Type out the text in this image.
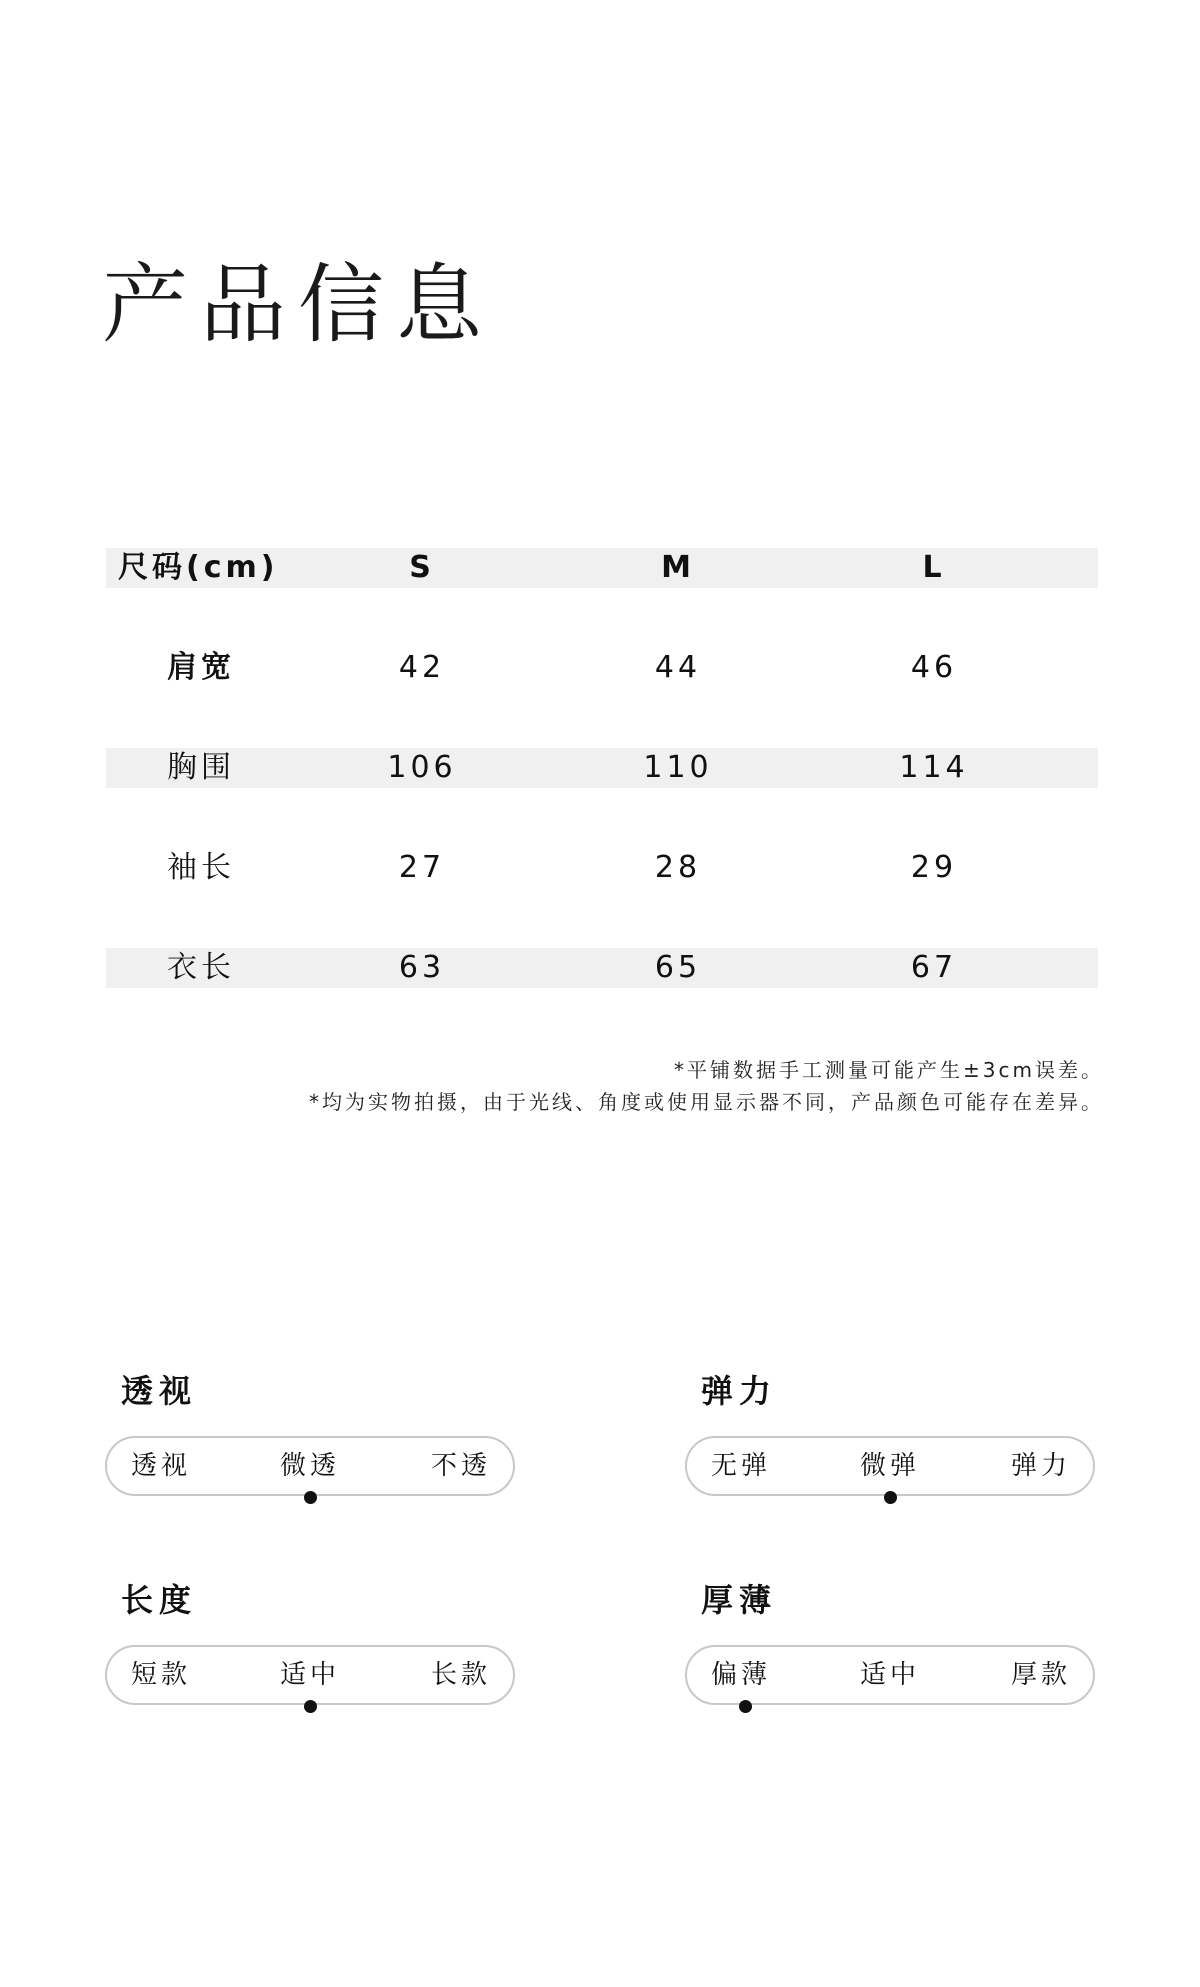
产品信息
尺码(cm)	S	M	L
肩宽	42	44	46
胸围	106	110	114
袖长	27	28	29
衣长	63	65	67
*平铺数据手工测量可能产生±3cm误差。
*均为实物拍摄，由于光线、角度或使用显示器不同，产品颜色可能存在差异。
透视
透视	微透	不透
弹力
无弹	微弹	弹力
长度
短款	适中	长款
厚薄
偏薄	适中	厚款
